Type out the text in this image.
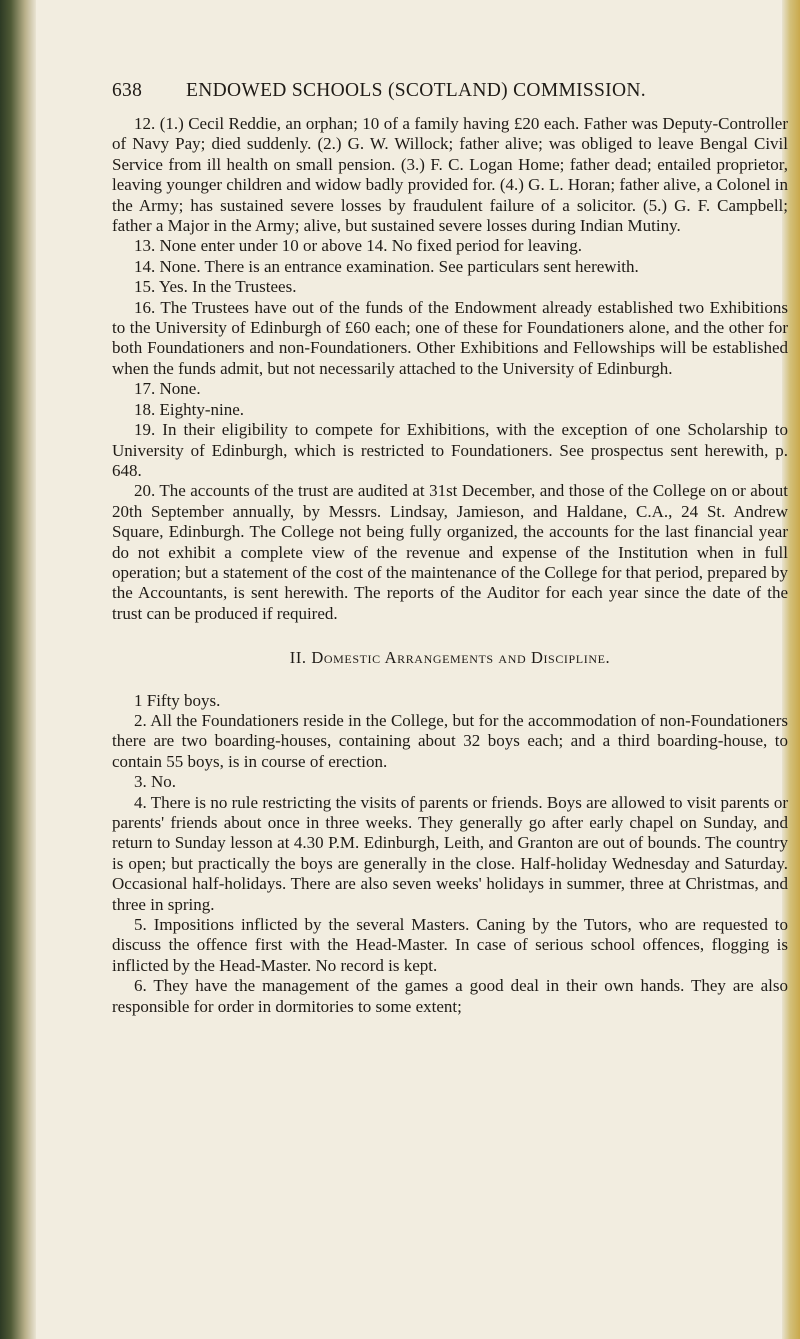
638 ENDOWED SCHOOLS (SCOTLAND) COMMISSION.

12. (1.) Cecil Reddie, an orphan; 10 of a family having £20 each. Father was Deputy-Controller of Navy Pay; died suddenly. (2.) G. W. Willock; father alive; was obliged to leave Bengal Civil Service from ill health on small pension. (3.) F. C. Logan Home; father dead; entailed proprietor, leaving younger children and widow badly provided for. (4.) G. L. Horan; father alive, a Colonel in the Army; has sustained severe losses by fraudulent failure of a solicitor. (5.) G. F. Campbell; father a Major in the Army; alive, but sustained severe losses during Indian Mutiny.

13. None enter under 10 or above 14. No fixed period for leaving.

14. None. There is an entrance examination. See particulars sent herewith.

15. Yes. In the Trustees.

16. The Trustees have out of the funds of the Endowment already established two Exhibitions to the University of Edinburgh of £60 each; one of these for Foundationers alone, and the other for both Foundationers and non-Foundationers. Other Exhibitions and Fellowships will be established when the funds admit, but not necessarily attached to the University of Edinburgh.

17. None.

18. Eighty-nine.

19. In their eligibility to compete for Exhibitions, with the exception of one Scholarship to University of Edinburgh, which is restricted to Foundationers. See prospectus sent herewith, p. 648.

20. The accounts of the trust are audited at 31st December, and those of the College on or about 20th September annually, by Messrs. Lindsay, Jamieson, and Haldane, C.A., 24 St. Andrew Square, Edinburgh. The College not being fully organized, the accounts for the last financial year do not exhibit a complete view of the revenue and expense of the Institution when in full operation; but a statement of the cost of the maintenance of the College for that period, prepared by the Accountants, is sent herewith. The reports of the Auditor for each year since the date of the trust can be produced if required.

II. Domestic Arrangements and Discipline.

1 Fifty boys.

2. All the Foundationers reside in the College, but for the accommodation of non-Foundationers there are two boarding-houses, containing about 32 boys each; and a third boarding-house, to contain 55 boys, is in course of erection.

3. No.

4. There is no rule restricting the visits of parents or friends. Boys are allowed to visit parents or parents' friends about once in three weeks. They generally go after early chapel on Sunday, and return to Sunday lesson at 4.30 P.M. Edinburgh, Leith, and Granton are out of bounds. The country is open; but practically the boys are generally in the close. Half-holiday Wednesday and Saturday. Occasional half-holidays. There are also seven weeks' holidays in summer, three at Christmas, and three in spring.

5. Impositions inflicted by the several Masters. Caning by the Tutors, who are requested to discuss the offence first with the Head-Master. In case of serious school offences, flogging is inflicted by the Head-Master. No record is kept.

6. They have the management of the games a good deal in their own hands. They are also responsible for order in dormitories to some extent;
